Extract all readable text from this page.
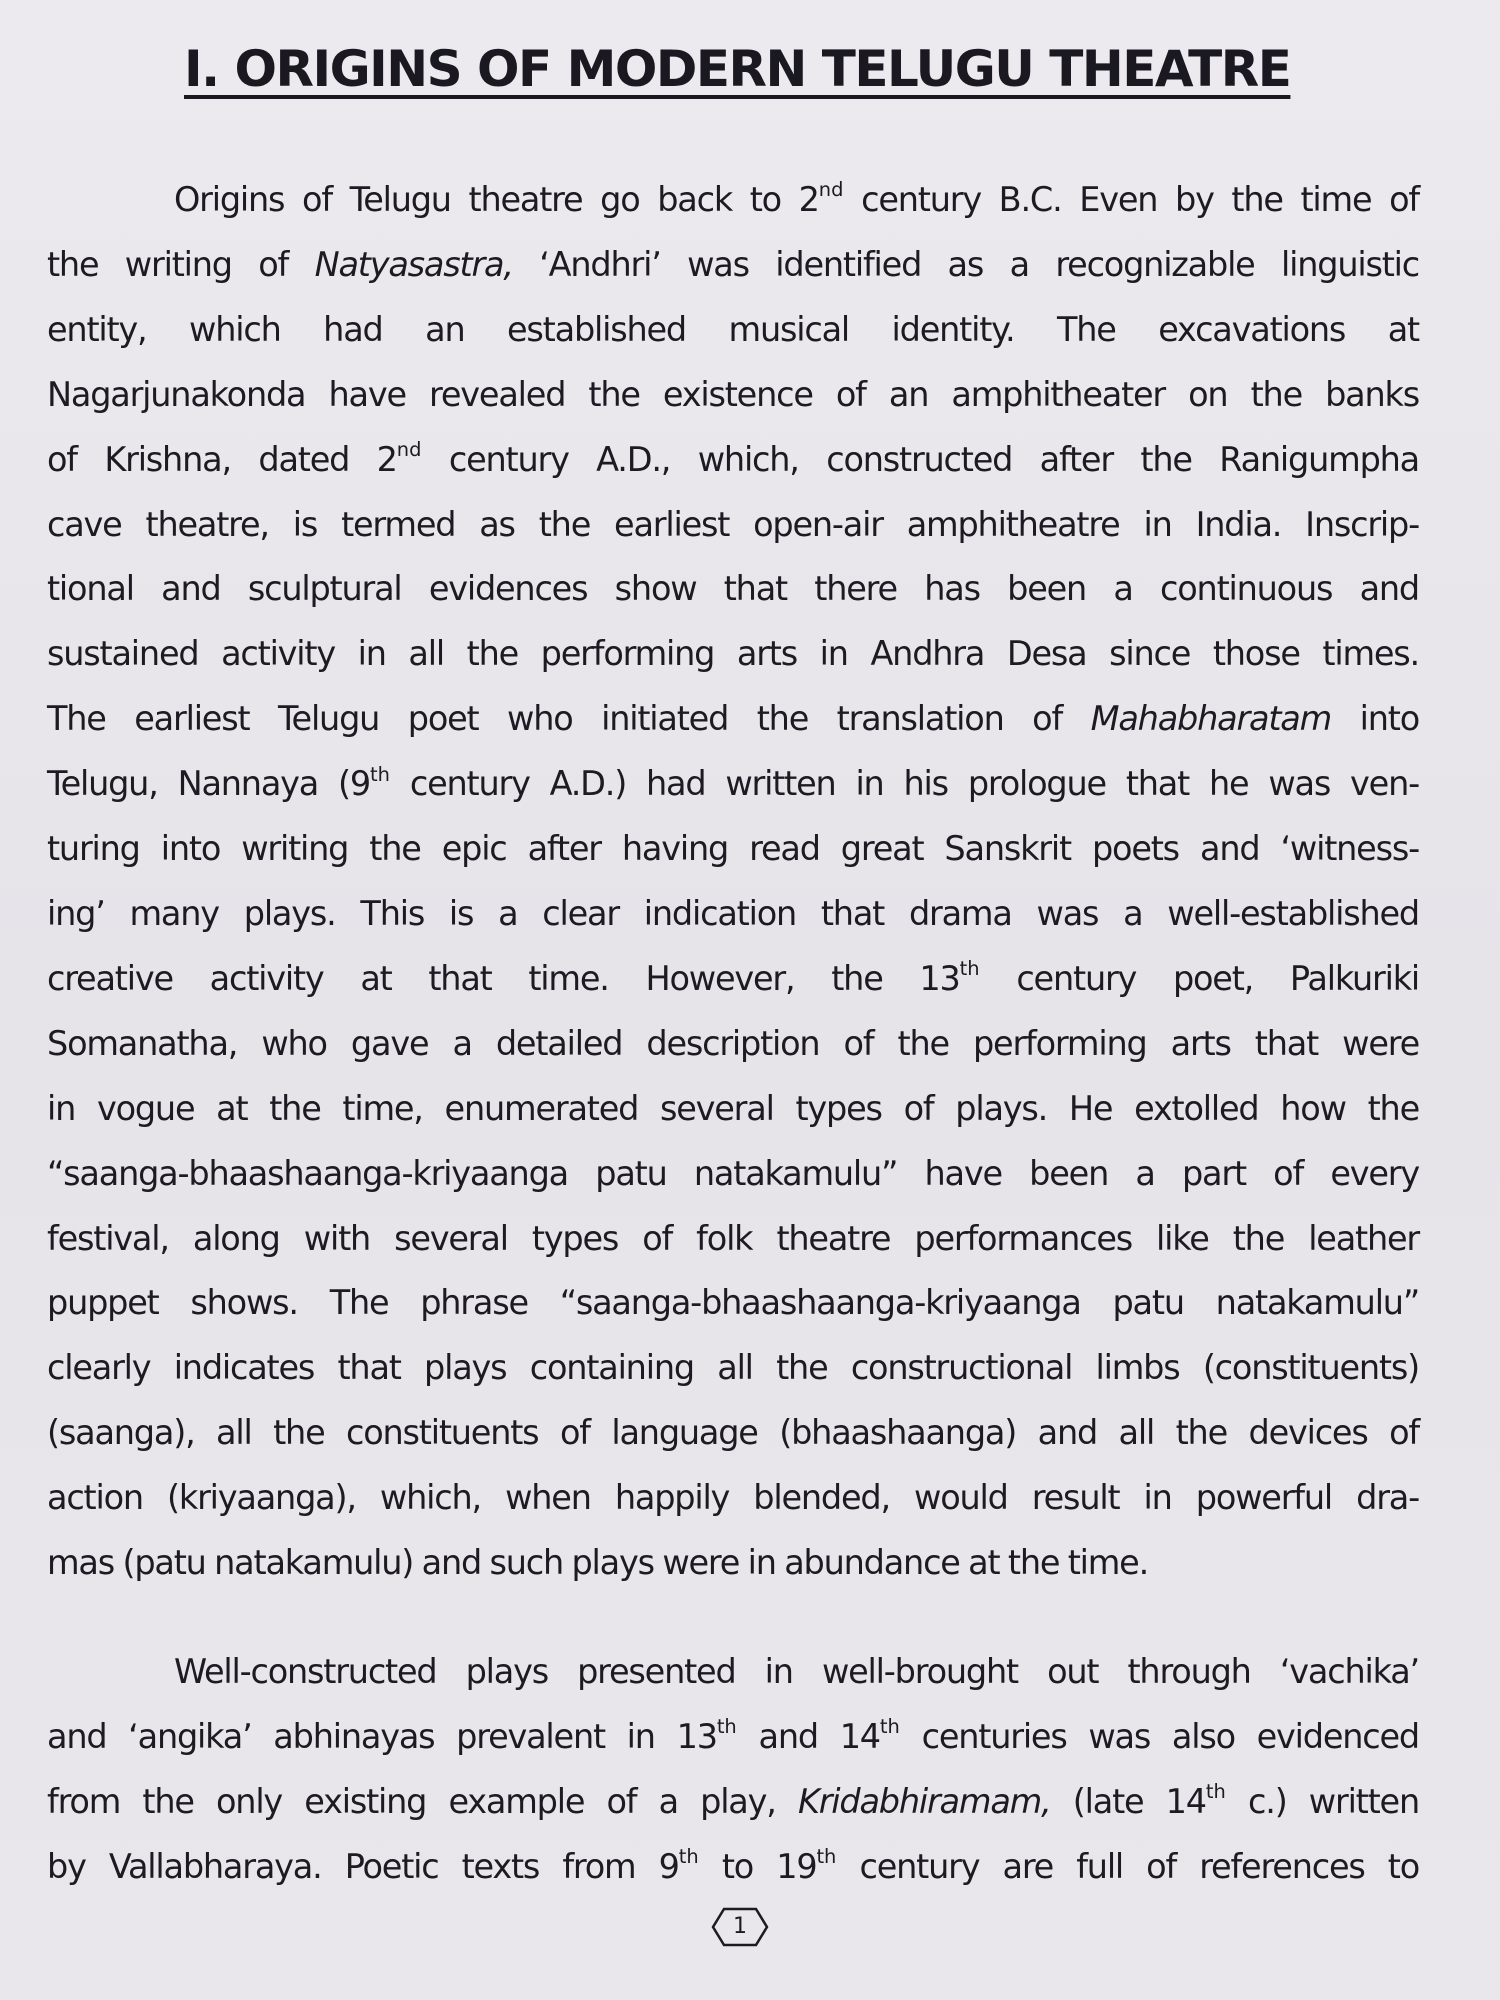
I. ORIGINS OF MODERN TELUGU THEATRE
Origins of Telugu theatre go back to 2nd century B.C. Even by the time of
the writing of Natyasastra, ‘Andhri’ was identified as a recognizable linguistic
entity, which had an established musical identity. The excavations at
Nagarjunakonda have revealed the existence of an amphitheater on the banks
of Krishna, dated 2nd century A.D., which, constructed after the Ranigumpha
cave theatre, is termed as the earliest open-air amphitheatre in India. Inscrip-
tional and sculptural evidences show that there has been a continuous and
sustained activity in all the performing arts in Andhra Desa since those times.
The earliest Telugu poet who initiated the translation of Mahabharatam into
Telugu, Nannaya (9th century A.D.) had written in his prologue that he was ven-
turing into writing the epic after having read great Sanskrit poets and ‘witness-
ing’ many plays. This is a clear indication that drama was a well-established
creative activity at that time. However, the 13th century poet, Palkuriki
Somanatha, who gave a detailed description of the performing arts that were
in vogue at the time, enumerated several types of plays. He extolled how the
“saanga-bhaashaanga-kriyaanga patu natakamulu” have been a part of every
festival, along with several types of folk theatre performances like the leather
puppet shows. The phrase “saanga-bhaashaanga-kriyaanga patu natakamulu”
clearly indicates that plays containing all the constructional limbs (constituents)
(saanga), all the constituents of language (bhaashaanga) and all the devices of
action (kriyaanga), which, when happily blended, would result in powerful dra-
mas (patu natakamulu) and such plays were in abundance at the time.
Well-constructed plays presented in well-brought out through ‘vachika’
and ‘angika’ abhinayas prevalent in 13th and 14th centuries was also evidenced
from the only existing example of a play, Kridabhiramam, (late 14th c.) written
by Vallabharaya. Poetic texts from 9th to 19th century are full of references to
1
